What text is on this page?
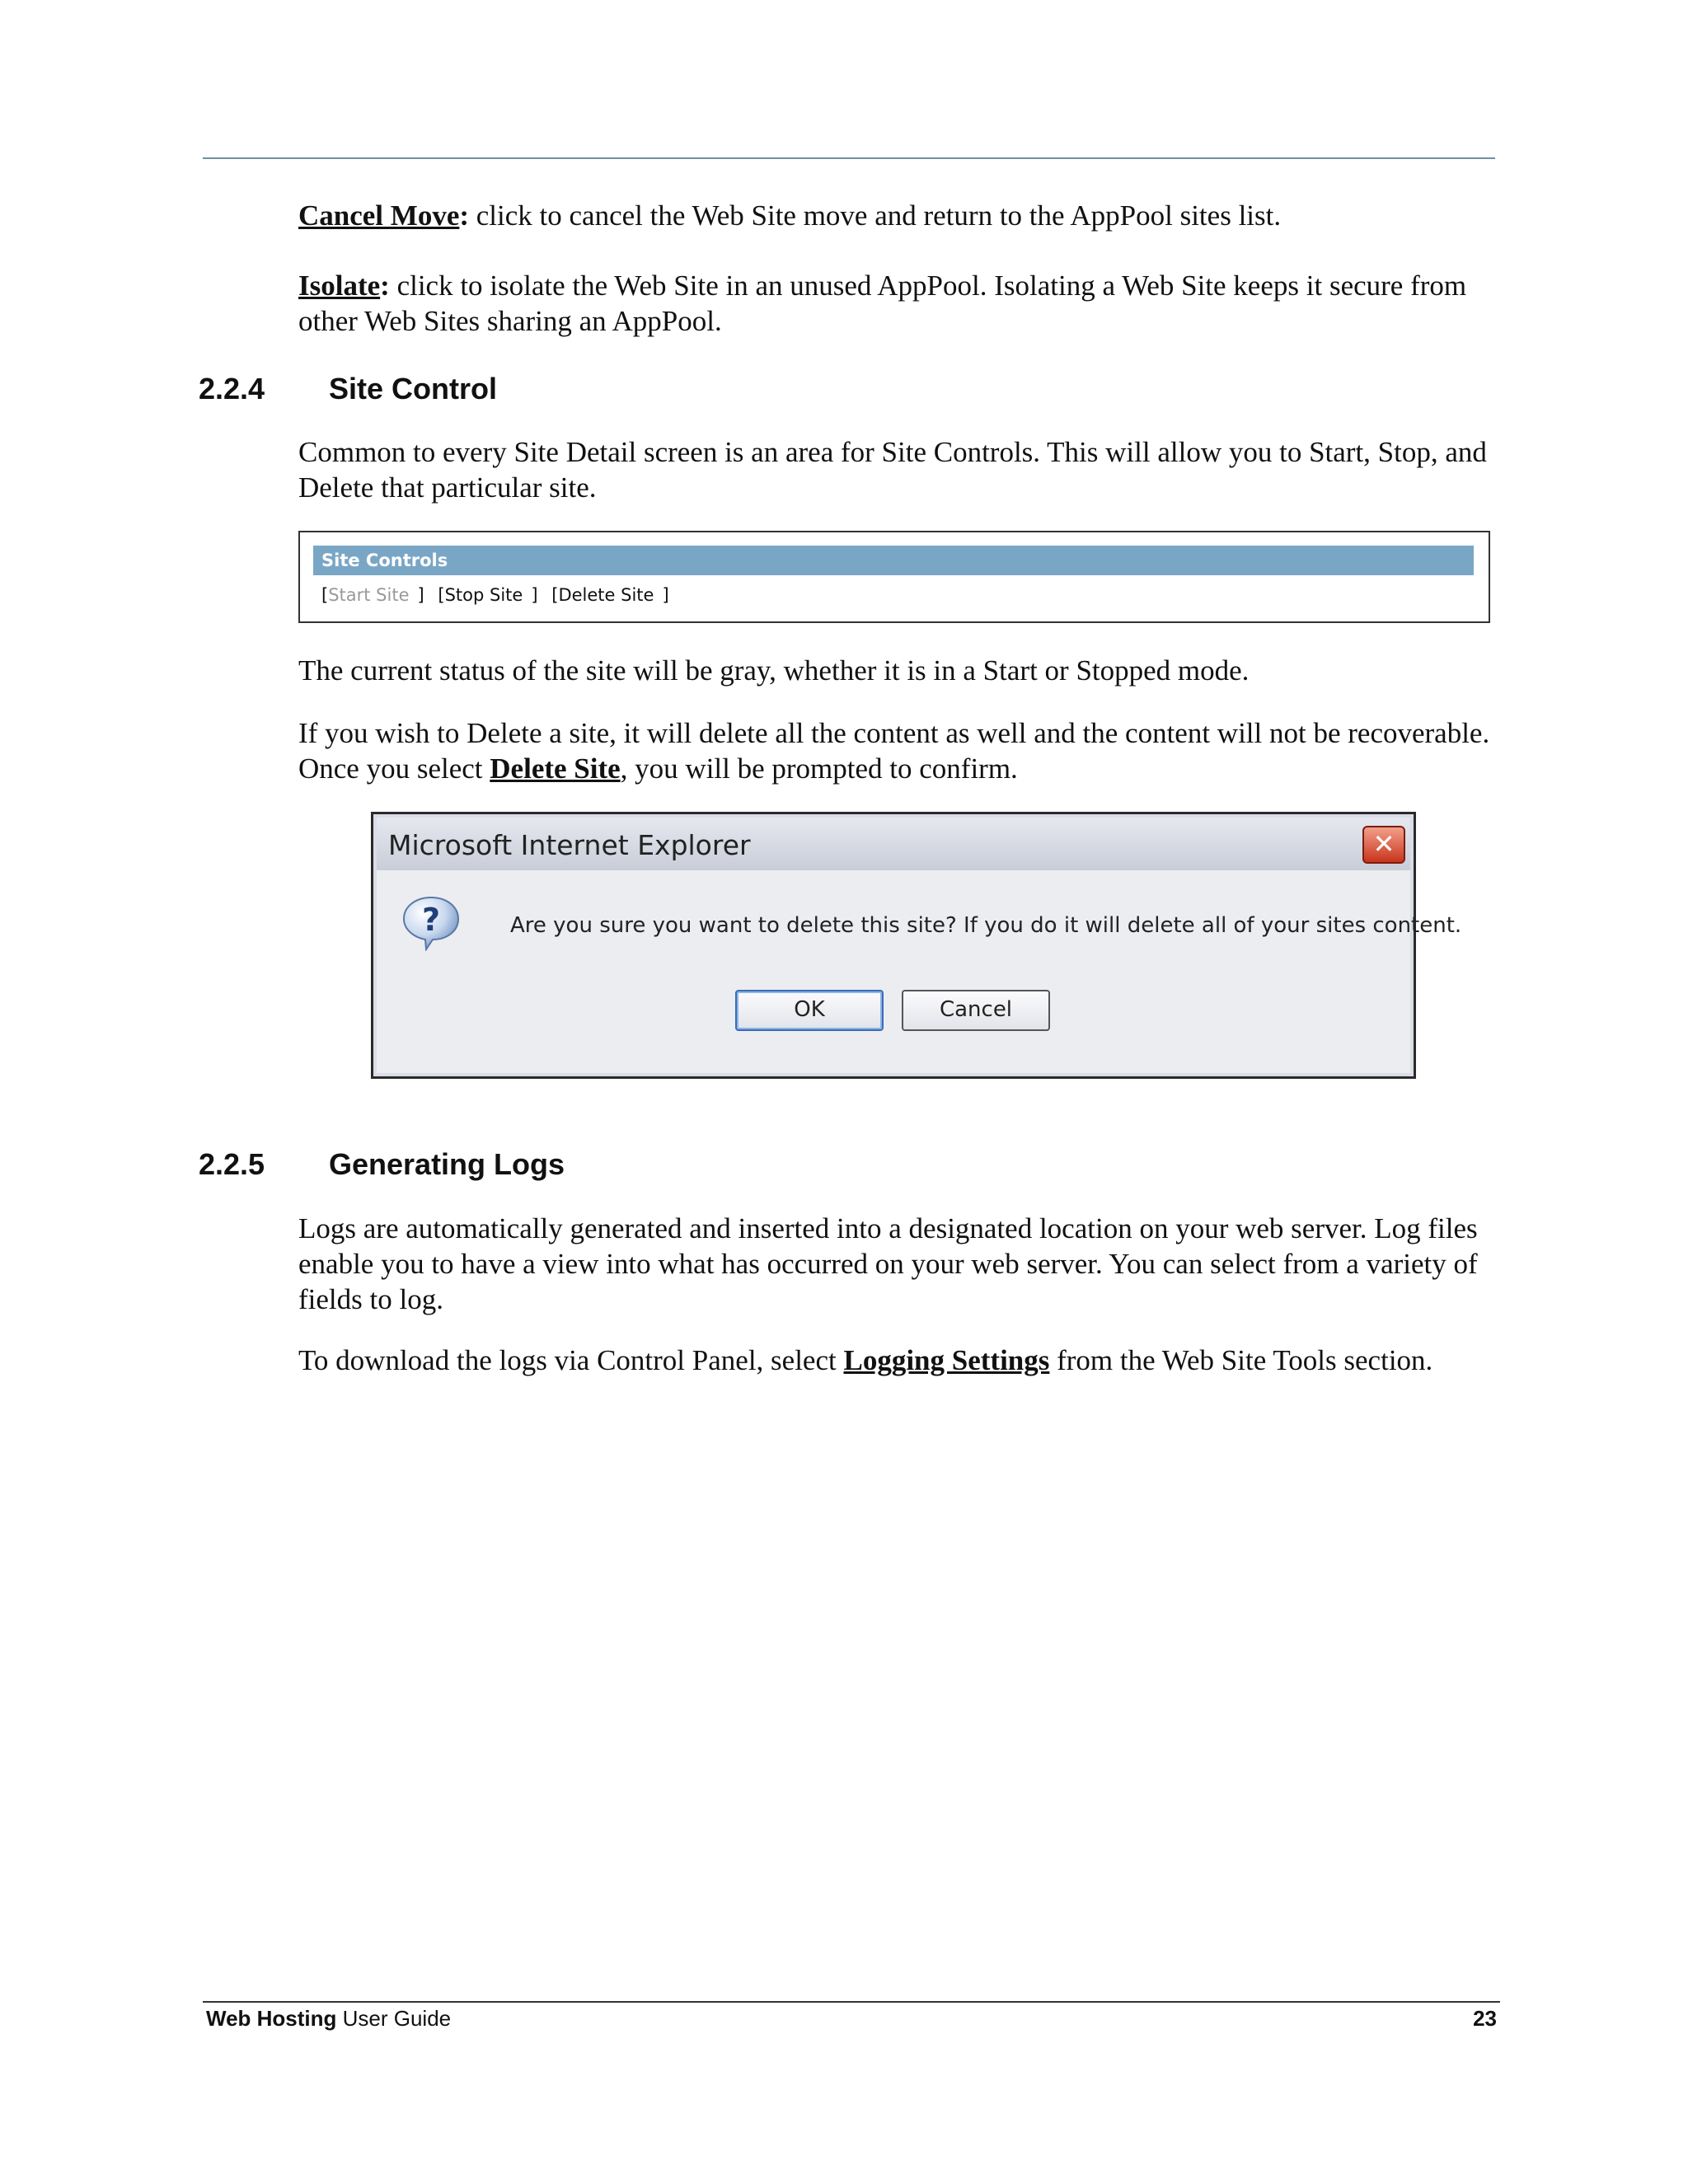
Cancel Move: click to cancel the Web Site move and return to the AppPool sites list.

Isolate: click to isolate the Web Site in an unused AppPool. Isolating a Web Site keeps it secure from other Web Sites sharing an AppPool.

2.2.4 Site Control

Common to every Site Detail screen is an area for Site Controls. This will allow you to Start, Stop, and Delete that particular site.

Site Controls
[Start Site ] [Stop Site ] [Delete Site ]

The current status of the site will be gray, whether it is in a Start or Stopped mode.

If you wish to Delete a site, it will delete all the content as well and the content will not be recoverable. Once you select Delete Site, you will be prompted to confirm.

Microsoft Internet Explorer	✕
?	Are you sure you want to delete this site? If you do it will delete all of your sites content.
OK	Cancel
2.2.5 Generating Logs

Logs are automatically generated and inserted into a designated location on your web server. Log files enable you to have a view into what has occurred on your web server. You can select from a variety of fields to log.

To download the logs via Control Panel, select Logging Settings from the Web Site Tools section.

Web Hosting User Guide	23
